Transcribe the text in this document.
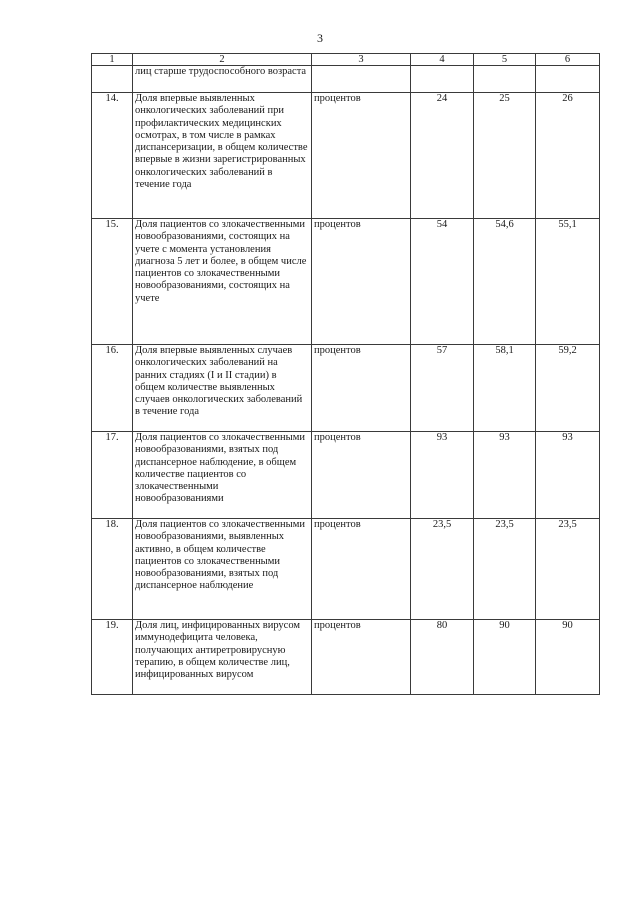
3
1	2	3	4	5	6
	лиц старше трудоспособного возраста				
14.	Доля впервые выявленных онкологических заболеваний при профилактических медицинских осмотрах, в том числе в рамках диспансеризации, в общем количестве впервые в жизни зарегистрированных онкологических заболеваний в течение года	процентов	24	25	26
15.	Доля пациентов со злокачественными новообразованиями, состоящих на учете с момента установления диагноза 5 лет и более, в общем числе пациентов со злокачественными новообразованиями, состоящих на учете	процентов	54	54,6	55,1
16.	Доля впервые выявленных случаев онкологических заболеваний на ранних стадиях (I и II стадии) в общем количестве выявленных случаев онкологических заболеваний в течение года	процентов	57	58,1	59,2
17.	Доля пациентов со злокачественными новообразованиями, взятых под диспансерное наблюдение, в общем количестве пациентов со злокачественными новообразованиями	процентов	93	93	93
18.	Доля пациентов со злокачественными новообразованиями, выявленных активно, в общем количестве пациентов со злокачественными новообразованиями, взятых под диспансерное наблюдение	процентов	23,5	23,5	23,5
19.	Доля лиц, инфицированных вирусом иммунодефицита человека, получающих антиретровирусную терапию, в общем количестве лиц, инфицированных вирусом	процентов	80	90	90
